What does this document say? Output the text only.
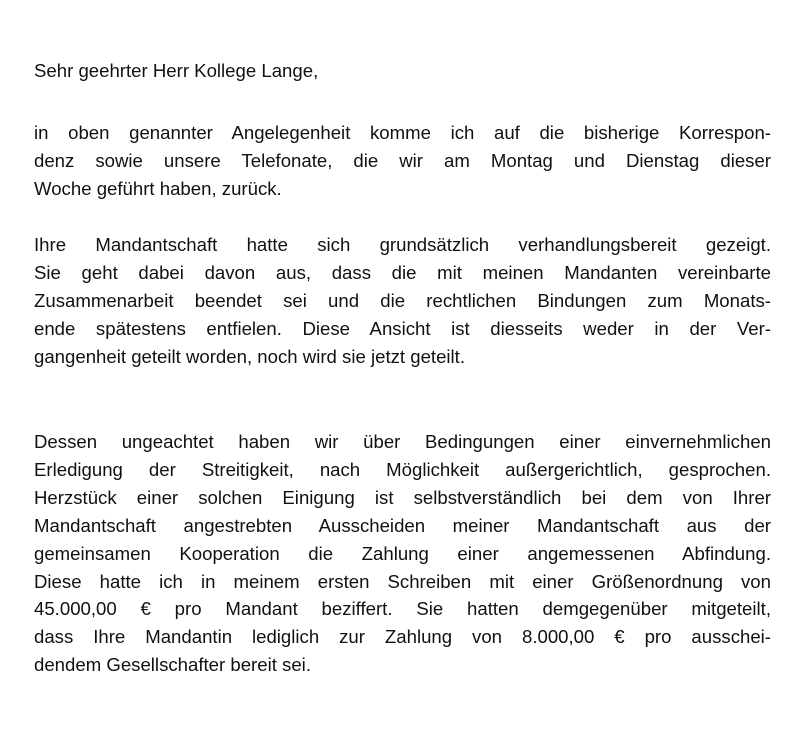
Sehr geehrter Herr Kollege Lange,

in oben genannter Angelegenheit komme ich auf die bisherige Korrespon-
denz sowie unsere Telefonate, die wir am Montag und Dienstag dieser
Woche geführt haben, zurück.

Ihre Mandantschaft hatte sich grundsätzlich verhandlungsbereit gezeigt.
Sie geht dabei davon aus, dass die mit meinen Mandanten vereinbarte
Zusammenarbeit beendet sei und die rechtlichen Bindungen zum Monats-
ende spätestens entfielen. Diese Ansicht ist diesseits weder in der Ver-
gangenheit geteilt worden, noch wird sie jetzt geteilt.

Dessen ungeachtet haben wir über Bedingungen einer einvernehmlichen
Erledigung der Streitigkeit, nach Möglichkeit außergerichtlich, gesprochen.
Herzstück einer solchen Einigung ist selbstverständlich bei dem von Ihrer
Mandantschaft angestrebten Ausscheiden meiner Mandantschaft aus der
gemeinsamen Kooperation die Zahlung einer angemessenen Abfindung.
Diese hatte ich in meinem ersten Schreiben mit einer Größenordnung von
45.000,00 € pro Mandant beziffert. Sie hatten demgegenüber mitgeteilt,
dass Ihre Mandantin lediglich zur Zahlung von 8.000,00 € pro ausschei-
dendem Gesellschafter bereit sei.
